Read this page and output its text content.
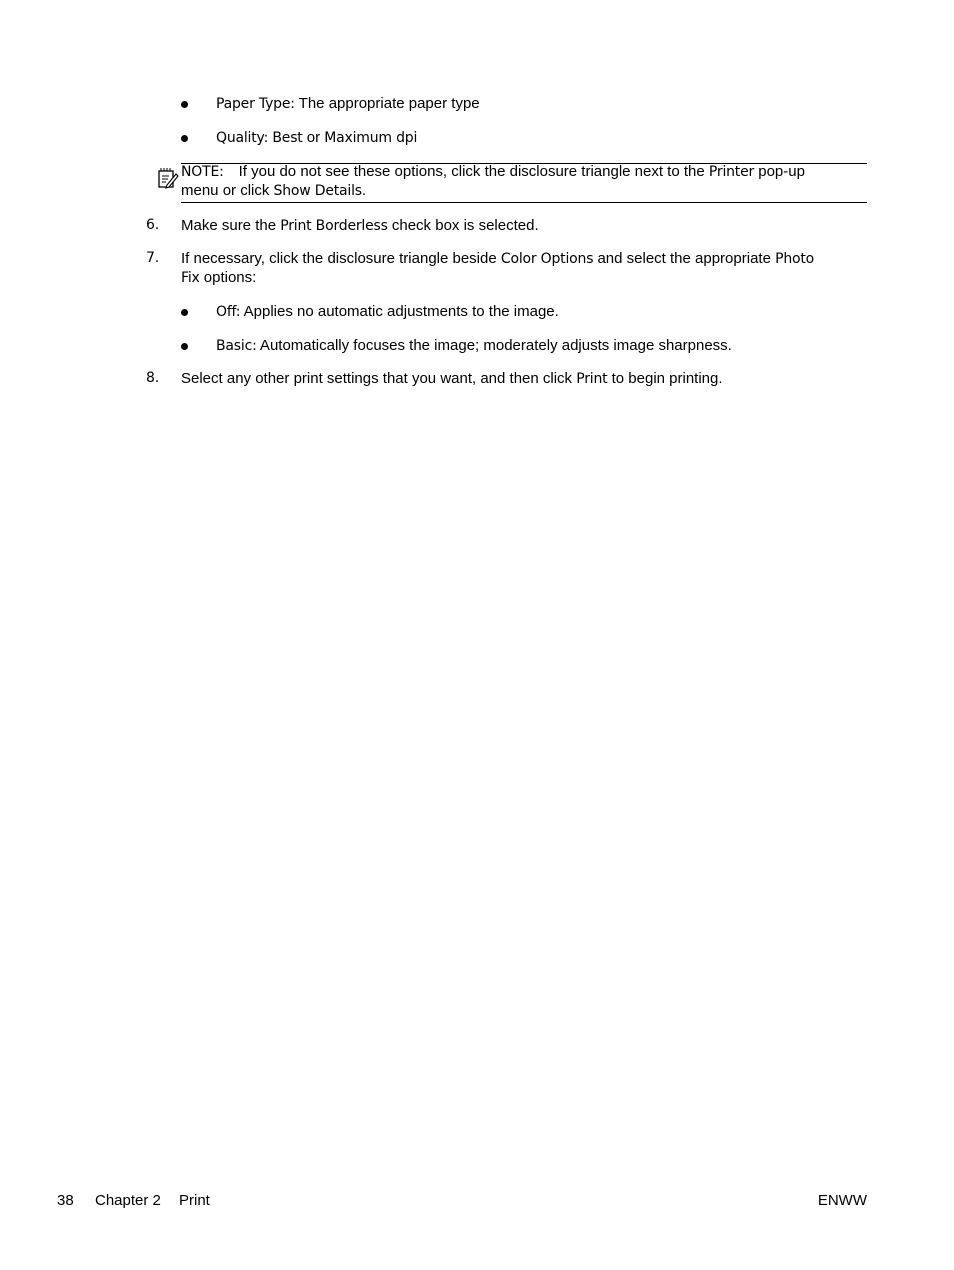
Paper Type: The appropriate paper type
Quality: Best or Maximum dpi
NOTE: If you do not see these options, click the disclosure triangle next to the Printer pop-up
menu or click Show Details.
6. Make sure the Print Borderless check box is selected.
7. If necessary, click the disclosure triangle beside Color Options and select the appropriate Photo
Fix options:
Off: Applies no automatic adjustments to the image.
Basic: Automatically focuses the image; moderately adjusts image sharpness.
8. Select any other print settings that you want, and then click Print to begin printing.
38 Chapter 2 Print	ENWW
